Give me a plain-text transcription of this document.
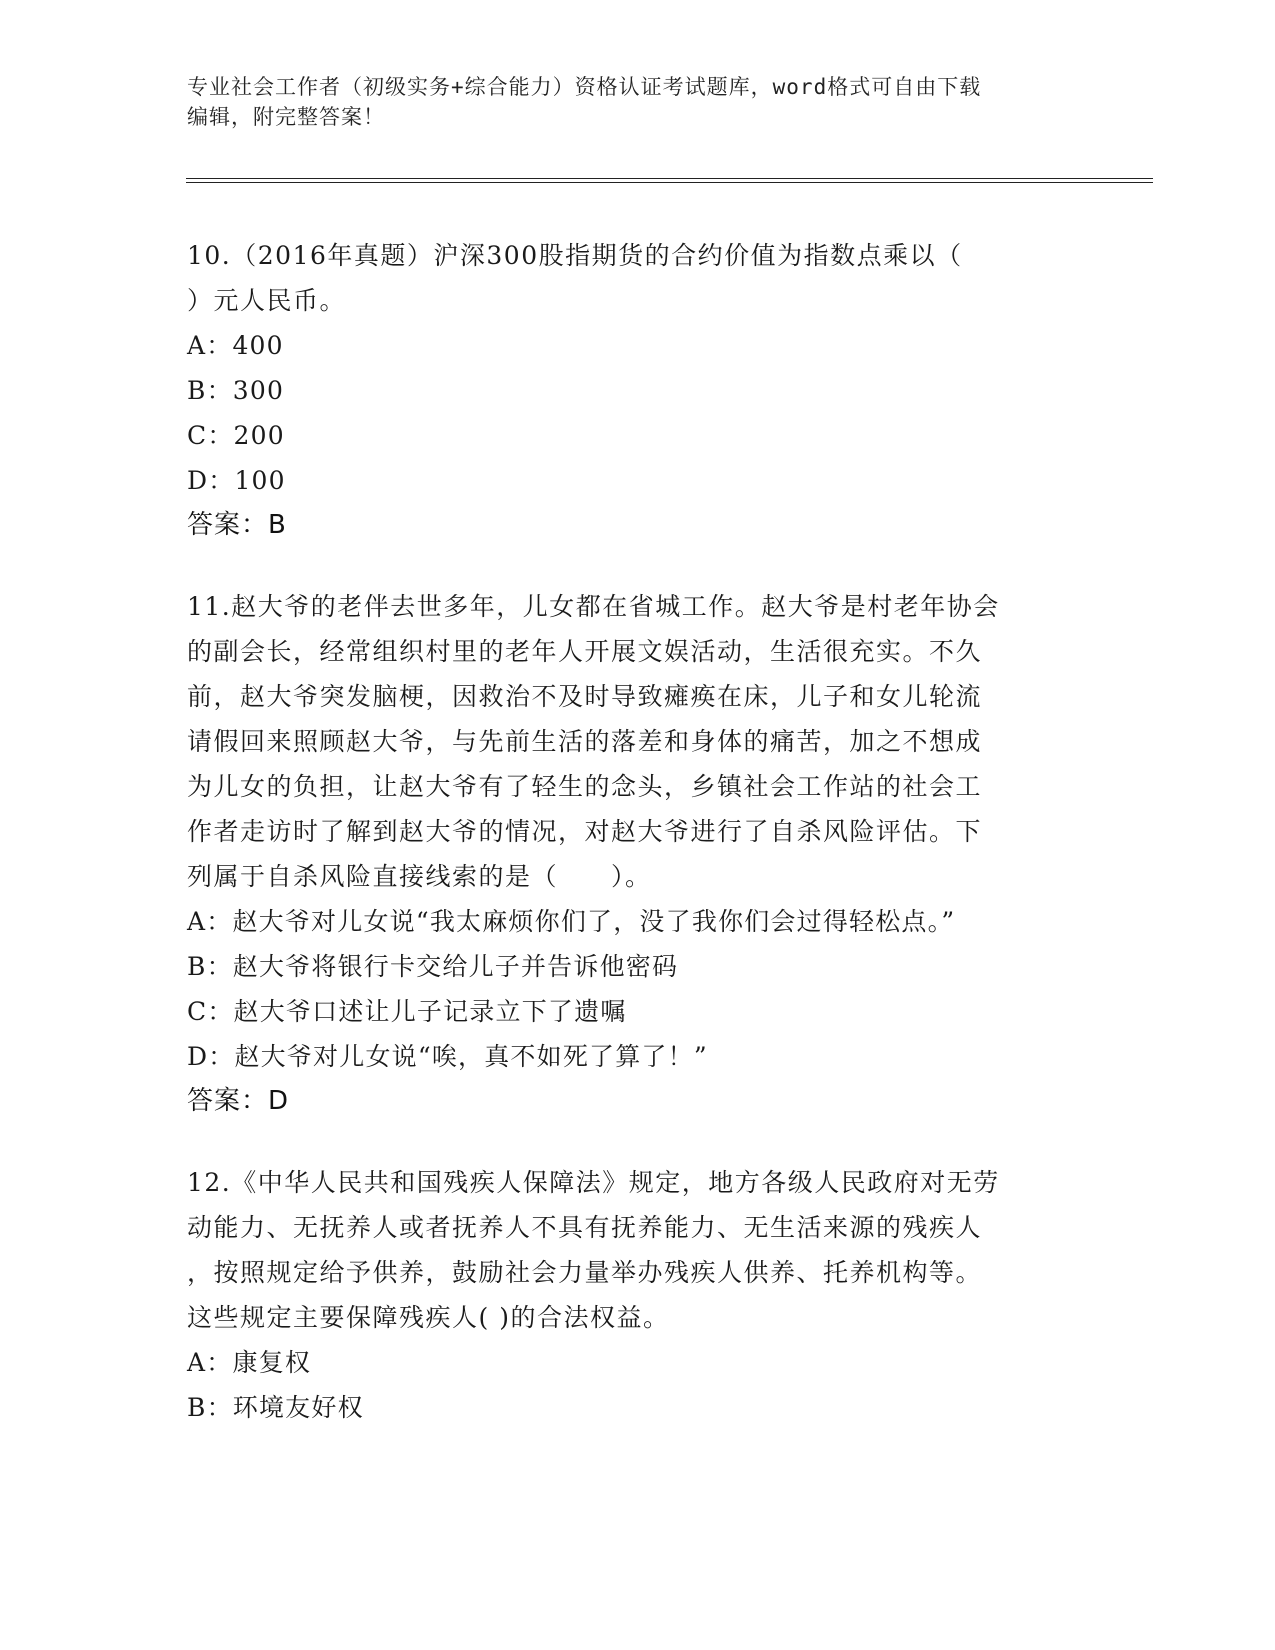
专业社会工作者（初级实务+综合能力）资格认证考试题库，word格式可自由下载
编辑，附完整答案！
10.（2016年真题）沪深300股指期货的合约价值为指数点乘以（
）元人民币。
A：400
B：300
C：200
D：100
答案：B
11.赵大爷的老伴去世多年，儿女都在省城工作。赵大爷是村老年协会
的副会长，经常组织村里的老年人开展文娱活动，生活很充实。不久
前，赵大爷突发脑梗，因救治不及时导致瘫痪在床，儿子和女儿轮流
请假回来照顾赵大爷，与先前生活的落差和身体的痛苦，加之不想成
为儿女的负担，让赵大爷有了轻生的念头，乡镇社会工作站的社会工
作者走访时了解到赵大爷的情况，对赵大爷进行了自杀风险评估。下
列属于自杀风险直接线索的是（　　）。
A：赵大爷对儿女说“我太麻烦你们了，没了我你们会过得轻松点。”
B：赵大爷将银行卡交给儿子并告诉他密码
C：赵大爷口述让儿子记录立下了遗嘱
D：赵大爷对儿女说“唉，真不如死了算了！”
答案：D
12.《中华人民共和国残疾人保障法》规定，地方各级人民政府对无劳
动能力、无抚养人或者抚养人不具有抚养能力、无生活来源的残疾人
，按照规定给予供养，鼓励社会力量举办残疾人供养、托养机构等。
这些规定主要保障残疾人( )的合法权益。
A：康复权
B：环境友好权
